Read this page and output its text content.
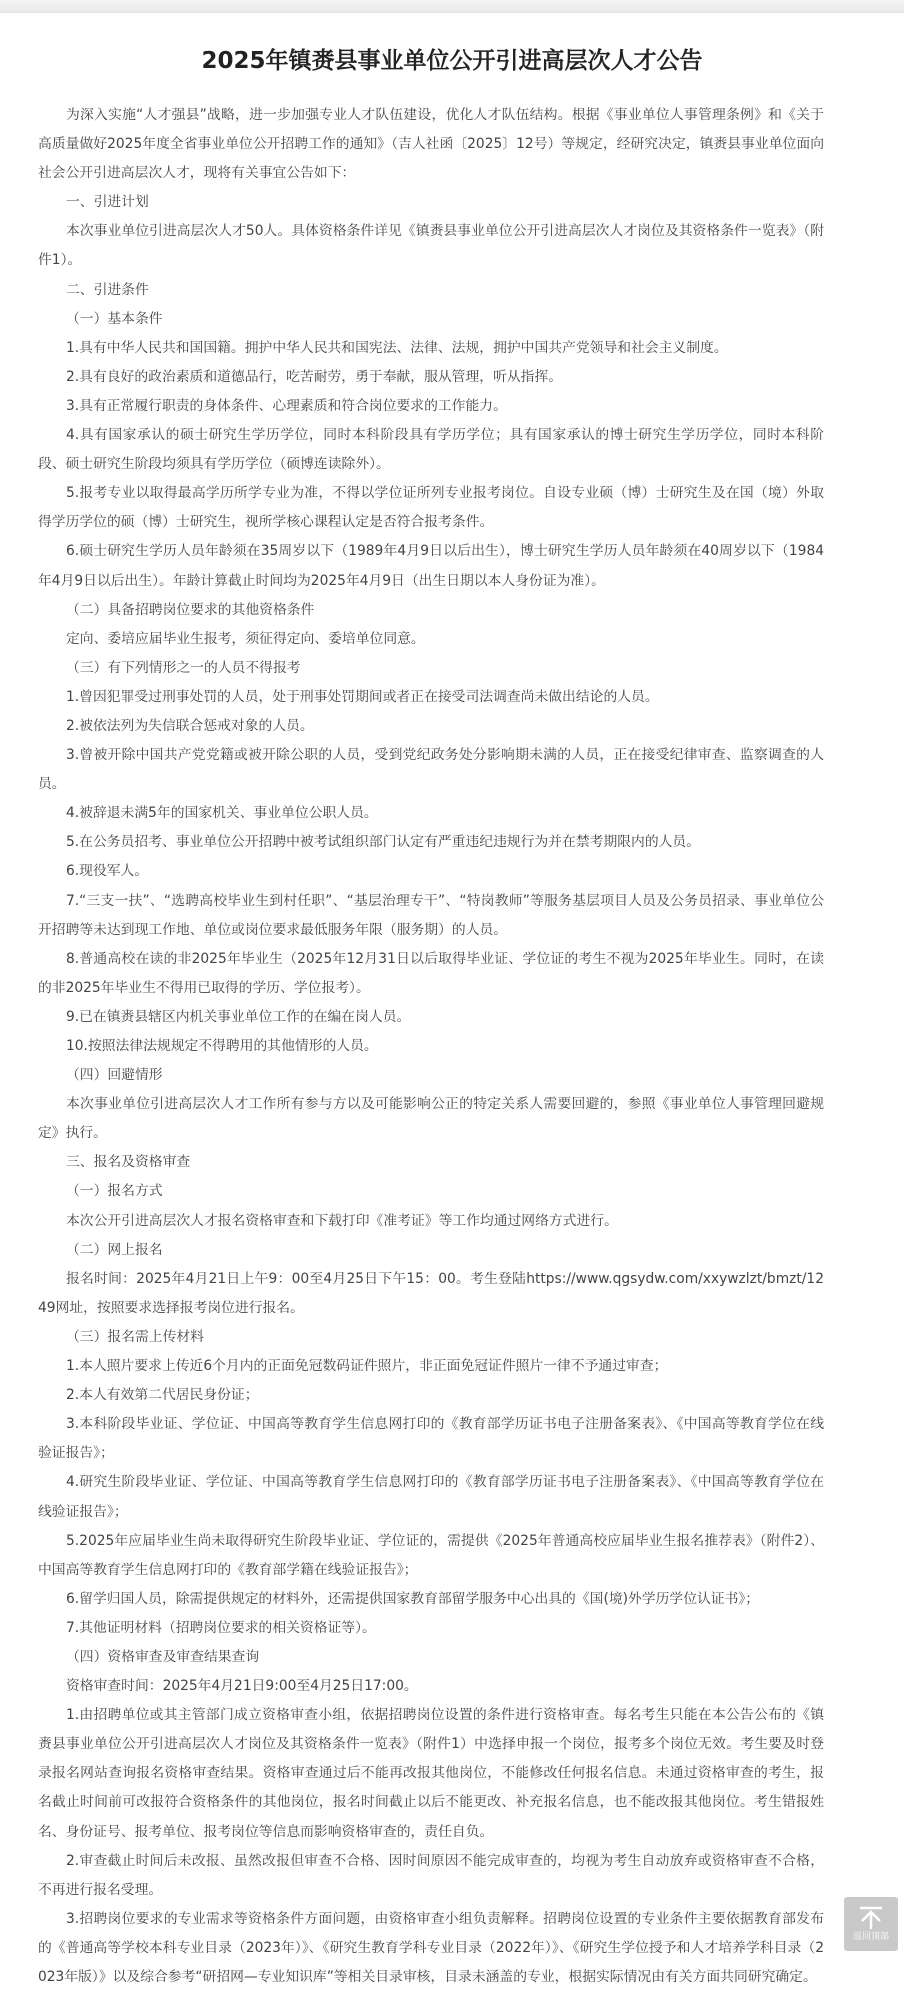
2025年镇赉县事业单位公开引进高层次人才公告

为深入实施“人才强县”战略，进一步加强专业人才队伍建设，优化人才队伍结构。根据《事业单位人事管理条例》和《关于高质量做好2025年度全省事业单位公开招聘工作的通知》（吉人社函〔2025〕12号）等规定，经研究决定，镇赉县事业单位面向社会公开引进高层次人才，现将有关事宜公告如下：

一、引进计划

本次事业单位引进高层次人才50人。具体资格条件详见《镇赉县事业单位公开引进高层次人才岗位及其资格条件一览表》（附件1）。

二、引进条件

（一）基本条件

1.具有中华人民共和国国籍。拥护中华人民共和国宪法、法律、法规，拥护中国共产党领导和社会主义制度。

2.具有良好的政治素质和道德品行，吃苦耐劳，勇于奉献，服从管理，听从指挥。

3.具有正常履行职责的身体条件、心理素质和符合岗位要求的工作能力。

4.具有国家承认的硕士研究生学历学位，同时本科阶段具有学历学位；具有国家承认的博士研究生学历学位，同时本科阶段、硕士研究生阶段均须具有学历学位（硕博连读除外）。

5.报考专业以取得最高学历所学专业为准，不得以学位证所列专业报考岗位。自设专业硕（博）士研究生及在国（境）外取得学历学位的硕（博）士研究生，视所学核心课程认定是否符合报考条件。

6.硕士研究生学历人员年龄须在35周岁以下（1989年4月9日以后出生），博士研究生学历人员年龄须在40周岁以下（1984年4月9日以后出生）。年龄计算截止时间均为2025年4月9日（出生日期以本人身份证为准）。

（二）具备招聘岗位要求的其他资格条件

定向、委培应届毕业生报考，须征得定向、委培单位同意。

（三）有下列情形之一的人员不得报考

1.曾因犯罪受过刑事处罚的人员，处于刑事处罚期间或者正在接受司法调查尚未做出结论的人员。

2.被依法列为失信联合惩戒对象的人员。

3.曾被开除中国共产党党籍或被开除公职的人员，受到党纪政务处分影响期未满的人员，正在接受纪律审查、监察调查的人员。

4.被辞退未满5年的国家机关、事业单位公职人员。

5.在公务员招考、事业单位公开招聘中被考试组织部门认定有严重违纪违规行为并在禁考期限内的人员。

6.现役军人。

7.“三支一扶”、“选聘高校毕业生到村任职”、“基层治理专干”、“特岗教师”等服务基层项目人员及公务员招录、事业单位公开招聘等未达到现工作地、单位或岗位要求最低服务年限（服务期）的人员。

8.普通高校在读的非2025年毕业生（2025年12月31日以后取得毕业证、学位证的考生不视为2025年毕业生。同时，在读的非2025年毕业生不得用已取得的学历、学位报考）。

9.已在镇赉县辖区内机关事业单位工作的在编在岗人员。

10.按照法律法规规定不得聘用的其他情形的人员。

（四）回避情形

本次事业单位引进高层次人才工作所有参与方以及可能影响公正的特定关系人需要回避的，参照《事业单位人事管理回避规定》执行。

三、报名及资格审查

（一）报名方式

本次公开引进高层次人才报名资格审查和下载打印《准考证》等工作均通过网络方式进行。

（二）网上报名

报名时间：2025年4月21日上午9：00至4月25日下午15：00。考生登陆https://www.qgsydw.com/xxywzlzt/bmzt/1249网址，按照要求选择报考岗位进行报名。

（三）报名需上传材料

1.本人照片要求上传近6个月内的正面免冠数码证件照片，非正面免冠证件照片一律不予通过审查；

2.本人有效第二代居民身份证；

3.本科阶段毕业证、学位证、中国高等教育学生信息网打印的《教育部学历证书电子注册备案表》、《中国高等教育学位在线验证报告》；

4.研究生阶段毕业证、学位证、中国高等教育学生信息网打印的《教育部学历证书电子注册备案表》、《中国高等教育学位在线验证报告》；

5.2025年应届毕业生尚未取得研究生阶段毕业证、学位证的，需提供《2025年普通高校应届毕业生报名推荐表》（附件2）、中国高等教育学生信息网打印的《教育部学籍在线验证报告》；

6.留学归国人员，除需提供规定的材料外，还需提供国家教育部留学服务中心出具的《国(境)外学历学位认证书》；

7.其他证明材料（招聘岗位要求的相关资格证等）。

（四）资格审查及审查结果查询

资格审查时间：2025年4月21日9:00至4月25日17:00。

1.由招聘单位或其主管部门成立资格审查小组，依据招聘岗位设置的条件进行资格审查。每名考生只能在本公告公布的《镇赉县事业单位公开引进高层次人才岗位及其资格条件一览表》（附件1）中选择申报一个岗位，报考多个岗位无效。考生要及时登录报名网站查询报名资格审查结果。资格审查通过后不能再改报其他岗位，不能修改任何报名信息。未通过资格审查的考生，报名截止时间前可改报符合资格条件的其他岗位，报名时间截止以后不能更改、补充报名信息，也不能改报其他岗位。考生错报姓名、身份证号、报考单位、报考岗位等信息而影响资格审查的，责任自负。

2.审查截止时间后未改报、虽然改报但审查不合格、因时间原因不能完成审查的，均视为考生自动放弃或资格审查不合格，不再进行报名受理。

3.招聘岗位要求的专业需求等资格条件方面问题，由资格审查小组负责解释。招聘岗位设置的专业条件主要依据教育部发布的《普通高等学校本科专业目录（2023年）》、《研究生教育学科专业目录（2022年）》、《研究生学位授予和人才培养学科目录（2023年版）》以及综合参考“研招网—专业知识库”等相关目录审核，目录未涵盖的专业，根据实际情况由有关方面共同研究确定。

返回顶部
